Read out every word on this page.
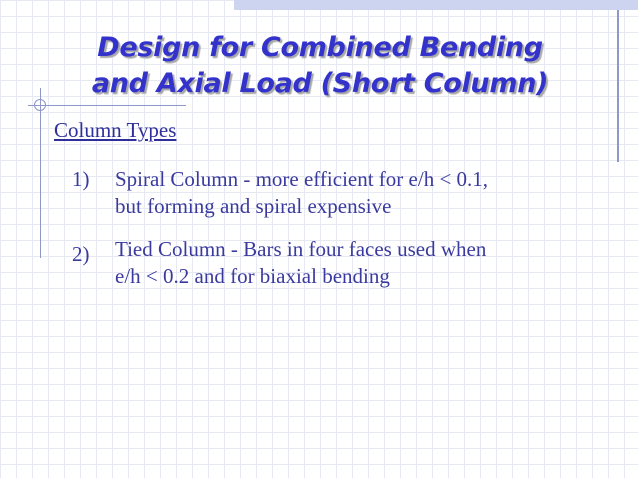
Design for Combined Bending
and Axial Load (Short Column)
Column Types
1) Spiral Column - more efficient for e/h < 0.1,
but forming and spiral expensive
2) Tied Column - Bars in four faces used when
e/h < 0.2 and for biaxial bending
